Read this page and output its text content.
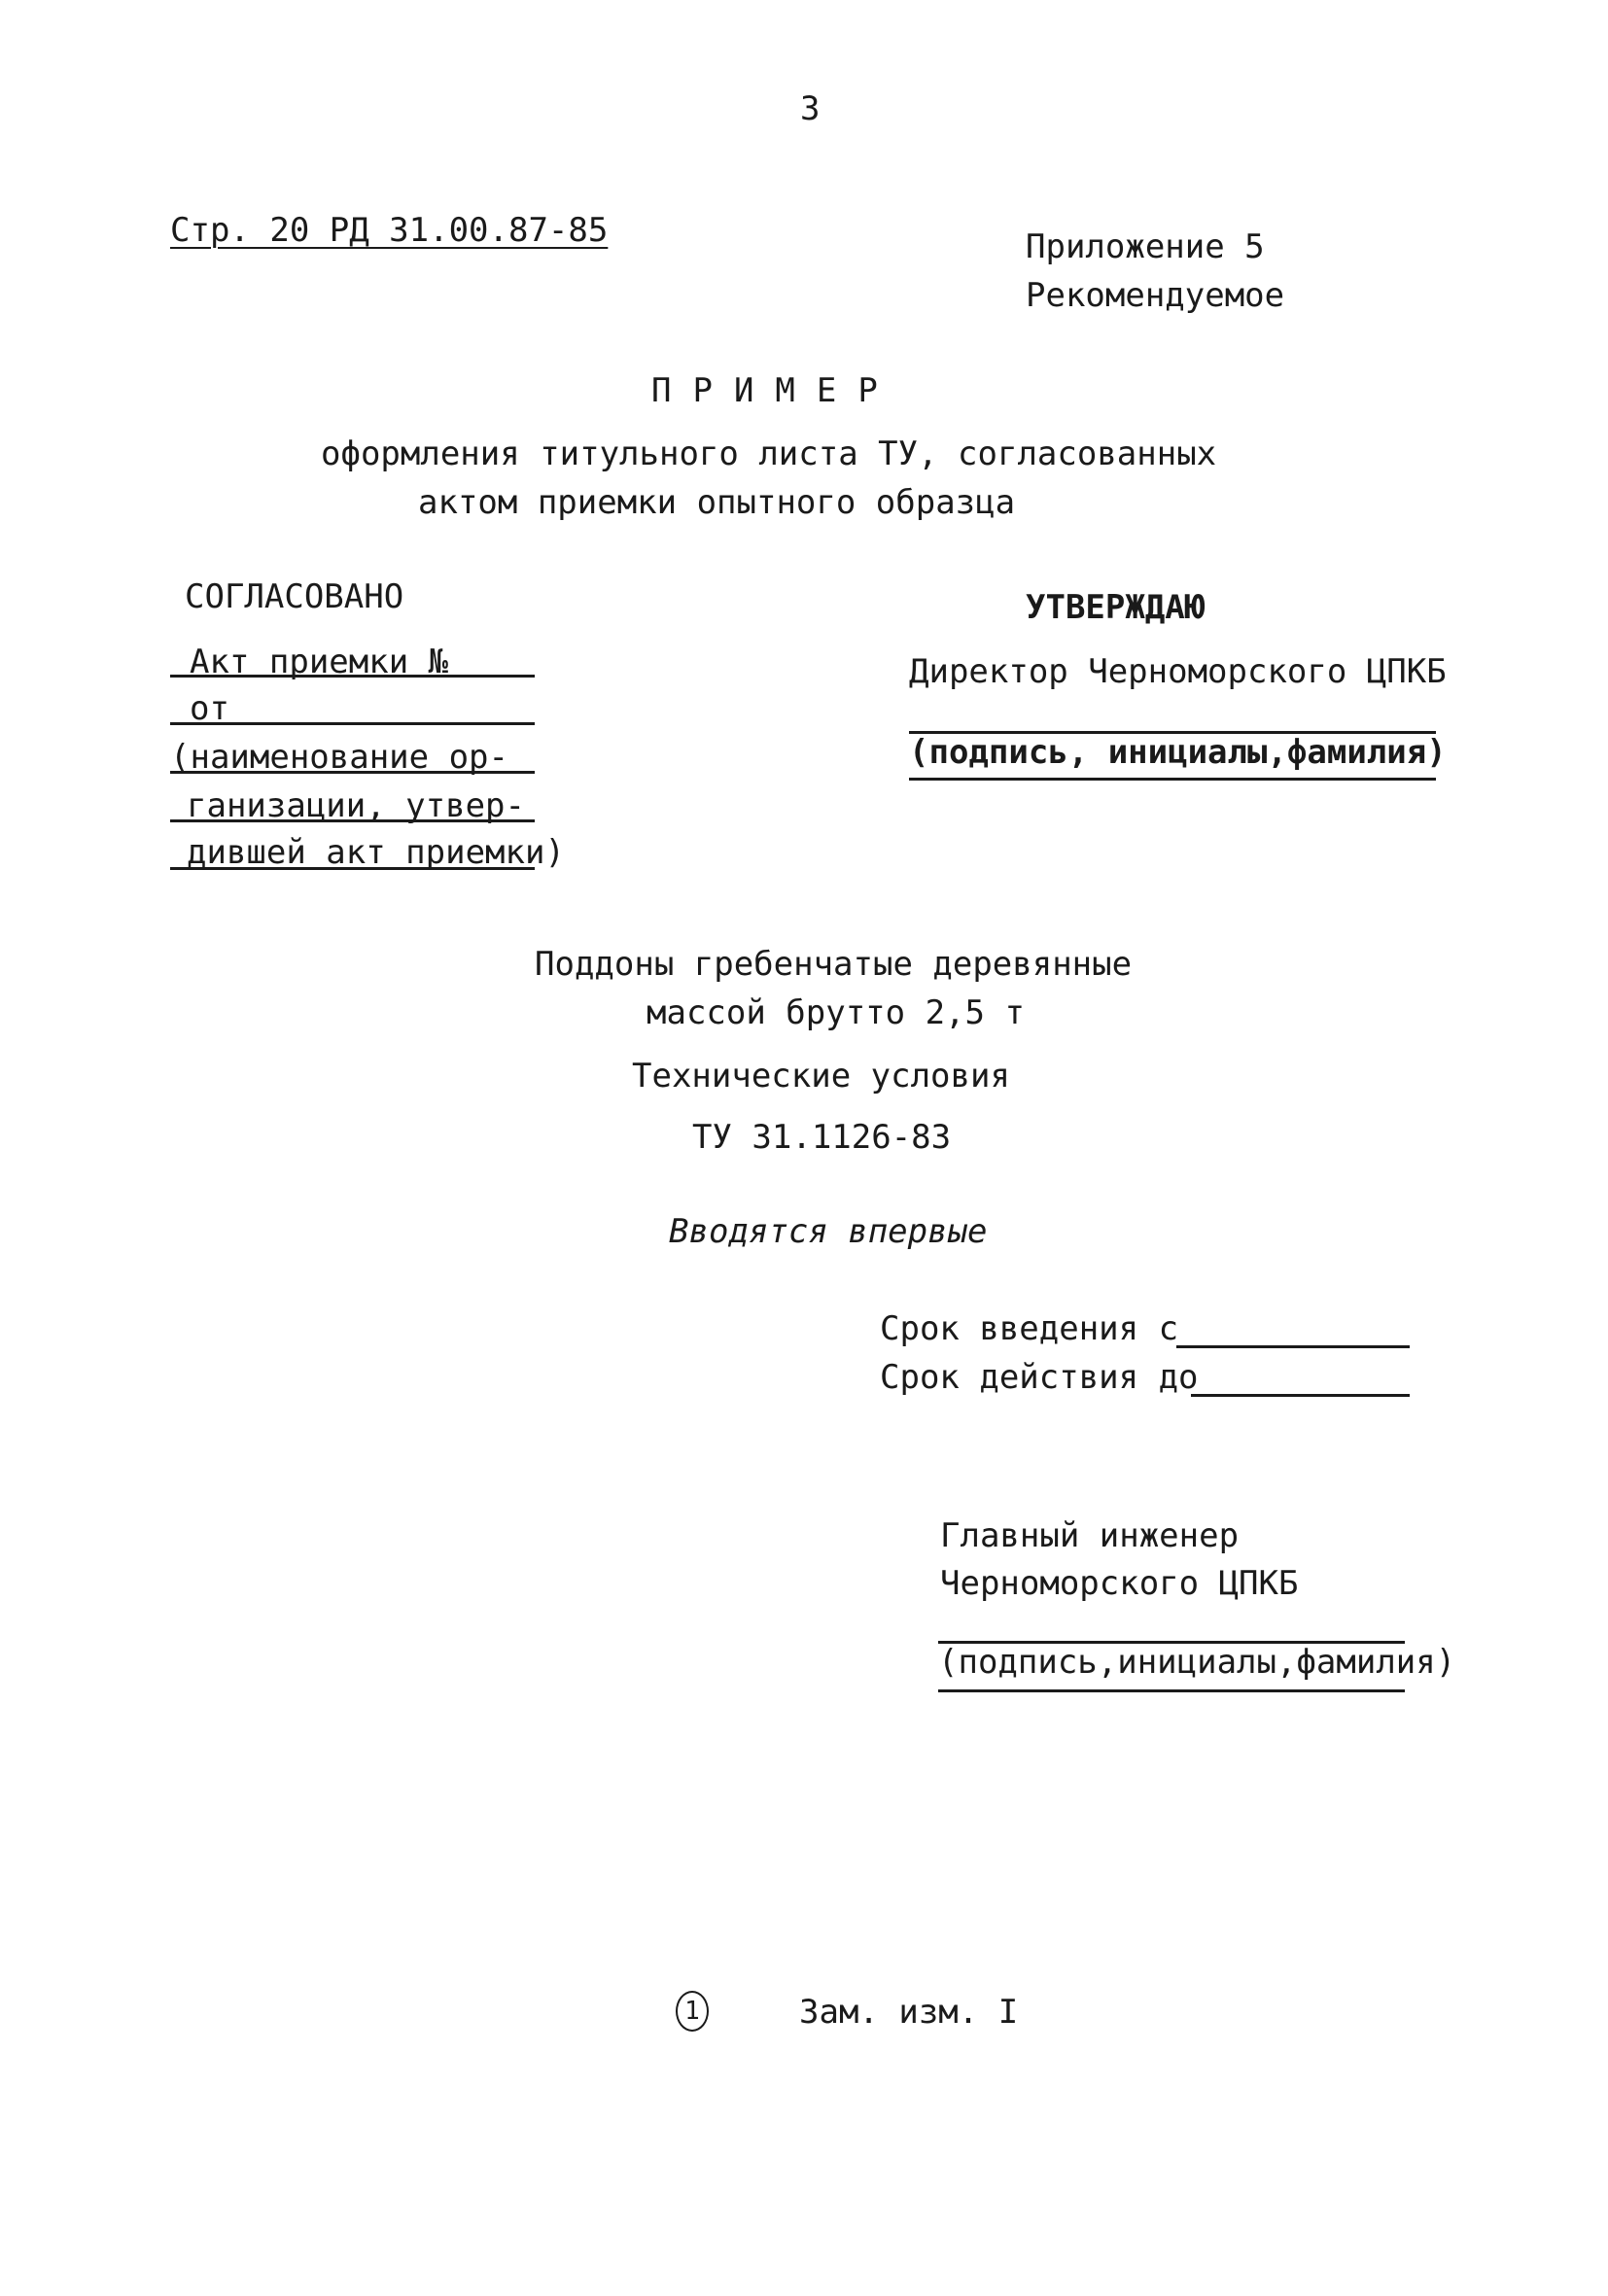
3
Стр. 20 РД 31.00.87-85	Приложение 5
Рекомендуемое
ПРИМЕР
оформления титульного листа ТУ, согласованных
актом приемки опытного образца
СОГЛАСОВАНО
Акт приемки №
от
(наименование ор-
ганизации, утвер-
дившей акт приемки)
УТВЕРЖДАЮ
Директор Черноморского ЦПКБ
(подпись, инициалы,фамилия)
Поддоны гребенчатые деревянные
массой брутто 2,5 т
Технические условия
ТУ 31.1126-83
Вводятся впервые
Срок введения с
Срок действия до
Главный инженер
Черноморского ЦПКБ
(подпись,инициалы,фамилия)
1	Зам. изм. I
